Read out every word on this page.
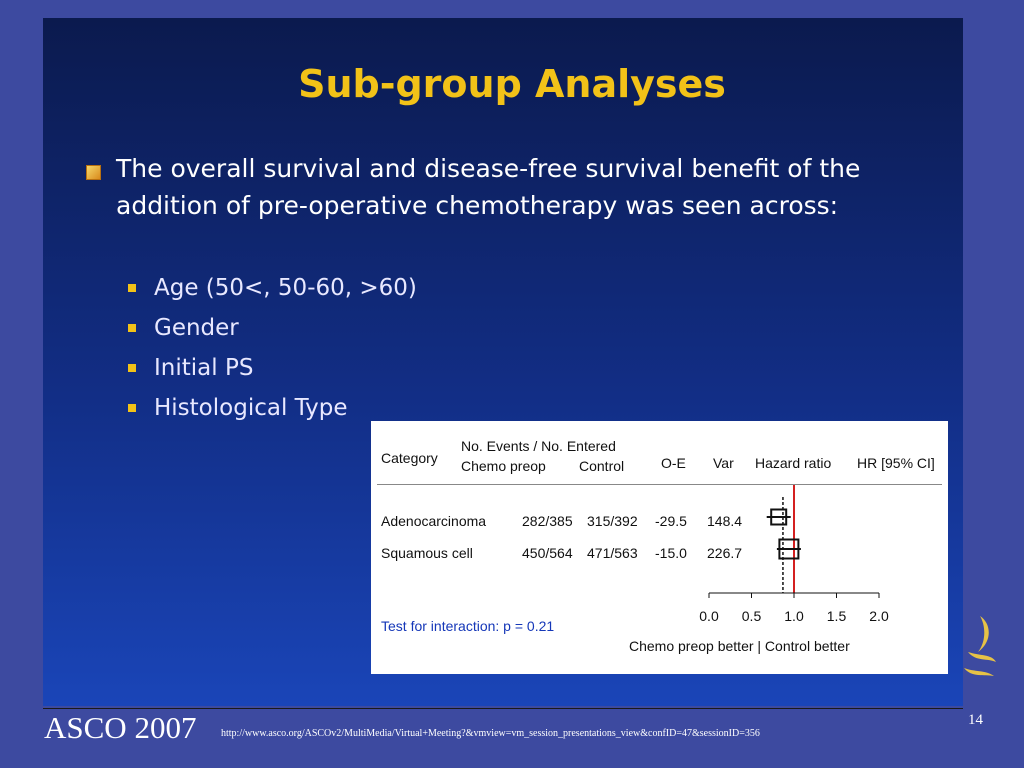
Sub-group Analyses
The overall survival and disease-free survival benefit of the addition of pre-operative chemotherapy was seen across:
Age (50<, 50-60, >60)
Gender
Initial PS
Histological Type
Category
No. Events / No. Entered
Chemo preop Control	O-E Var Hazard ratio HR [95% CI]
Adenocarcinoma	282/385 315/392 -29.5 148.4
Squamous cell	450/564 471/563 -15.0 226.7
0.0 0.5 1.0 1.5 2.0
Test for interaction: p = 0.21
Chemo preop better | Control better
ASCO 2007 http://www.asco.org/ASCOv2/MultiMedia/Virtual+Meeting?&vmview=vm_session_presentations_view&confID=47&sessionID=356
14
